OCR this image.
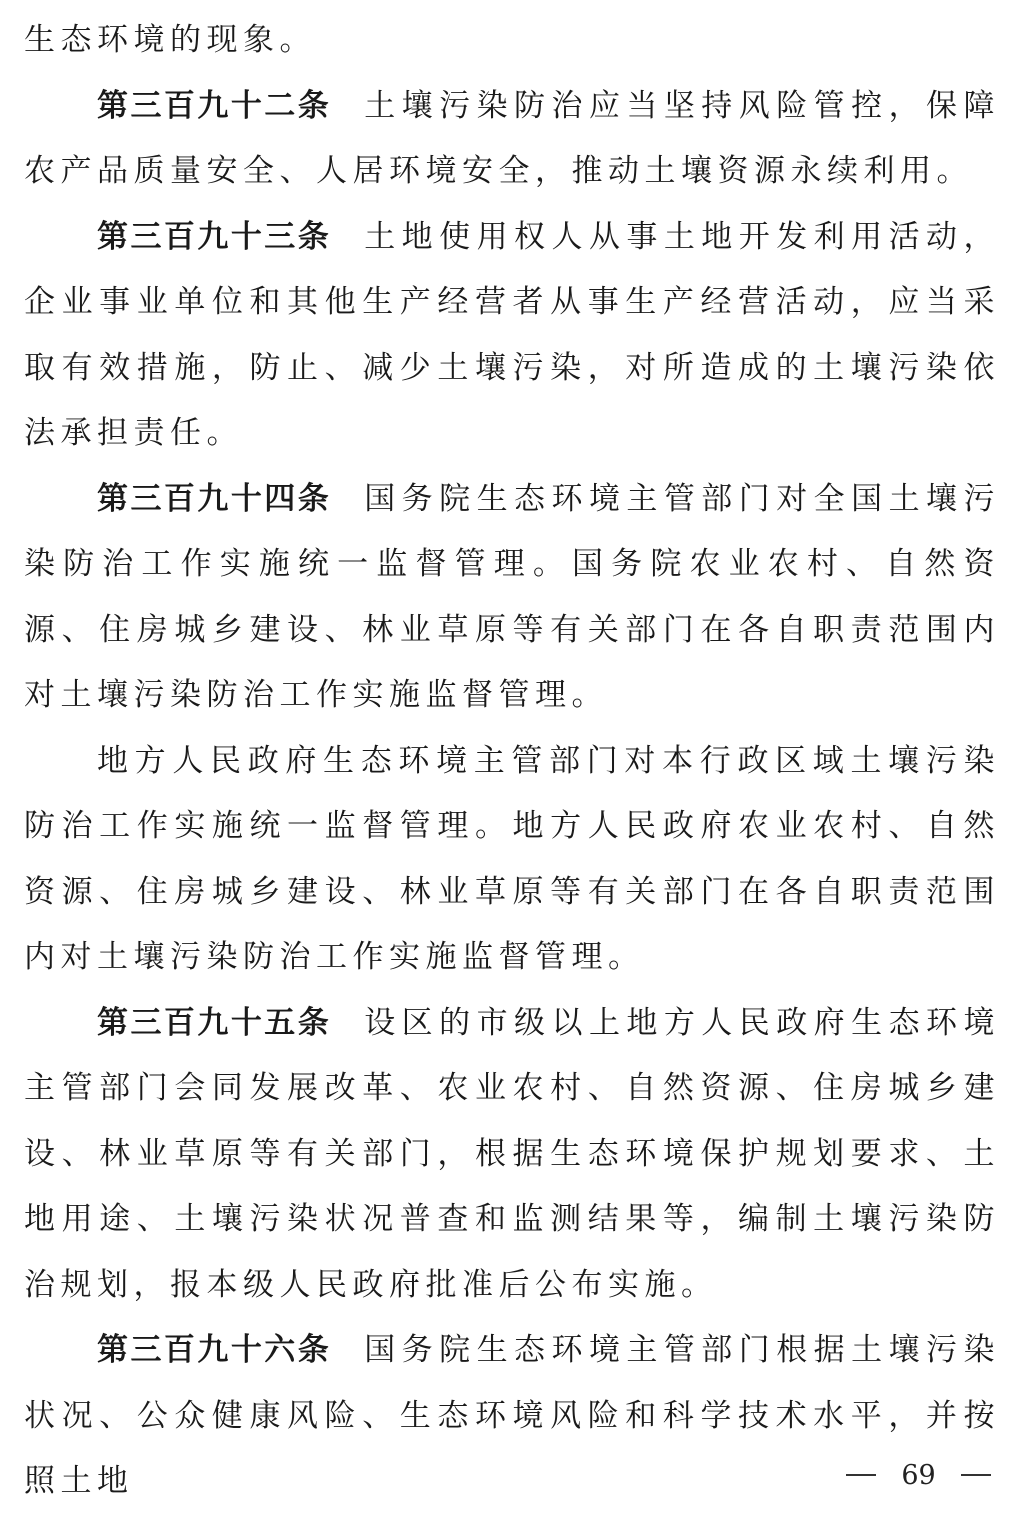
生态环境的现象。

第三百九十二条 土壤污染防治应当坚持风险管控，保障农产品质量安全、人居环境安全，推动土壤资源永续利用。

第三百九十三条 土地使用权人从事土地开发利用活动，企业事业单位和其他生产经营者从事生产经营活动，应当采取有效措施，防止、减少土壤污染，对所造成的土壤污染依法承担责任。

第三百九十四条 国务院生态环境主管部门对全国土壤污染防治工作实施统一监督管理。国务院农业农村、自然资源、住房城乡建设、林业草原等有关部门在各自职责范围内对土壤污染防治工作实施监督管理。

地方人民政府生态环境主管部门对本行政区域土壤污染防治工作实施统一监督管理。地方人民政府农业农村、自然资源、住房城乡建设、林业草原等有关部门在各自职责范围内对土壤污染防治工作实施监督管理。

第三百九十五条 设区的市级以上地方人民政府生态环境主管部门会同发展改革、农业农村、自然资源、住房城乡建设、林业草原等有关部门，根据生态环境保护规划要求、土地用途、土壤污染状况普查和监测结果等，编制土壤污染防治规划，报本级人民政府批准后公布实施。

第三百九十六条 国务院生态环境主管部门根据土壤污染状况、公众健康风险、生态环境风险和科学技术水平，并按照土地	69
